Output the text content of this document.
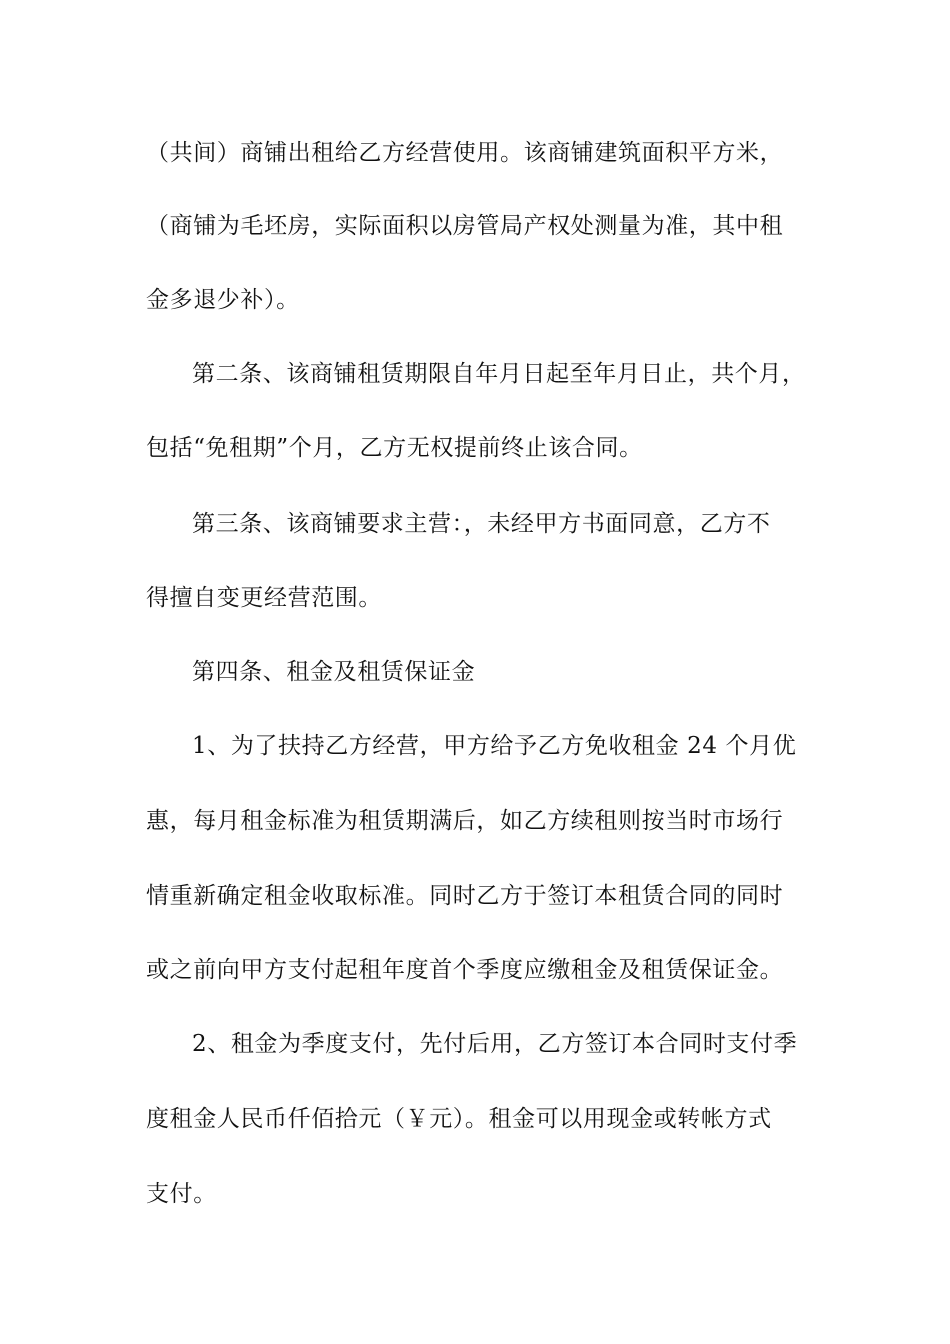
（共间）商铺出租给乙方经营使用。该商铺建筑面积平方米，
（商铺为毛坯房，实际面积以房管局产权处测量为准，其中租
金多退少补）。
第二条、该商铺租赁期限自年月日起至年月日止，共个月，
包括“免租期”个月，乙方无权提前终止该合同。
第三条、该商铺要求主营：，未经甲方书面同意，乙方不
得擅自变更经营范围。
第四条、租金及租赁保证金
1、为了扶持乙方经营，甲方给予乙方免收租金 24 个月优
惠，每月租金标准为租赁期满后，如乙方续租则按当时市场行
情重新确定租金收取标准。同时乙方于签订本租赁合同的同时
或之前向甲方支付起租年度首个季度应缴租金及租赁保证金。
2、租金为季度支付，先付后用，乙方签订本合同时支付季
度租金人民币仟佰拾元（￥元）。租金可以用现金或转帐方式
支付。
